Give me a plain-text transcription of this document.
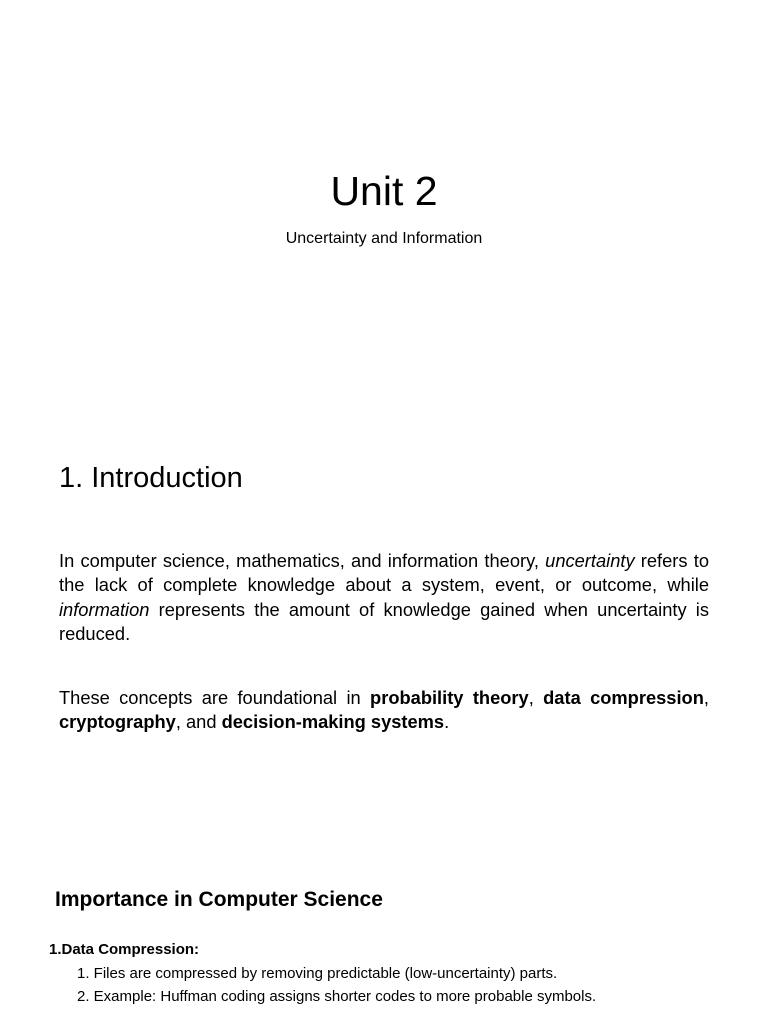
Unit 2

Uncertainty and Information

1. Introduction

In computer science, mathematics, and information theory, uncertainty refers to the lack of complete knowledge about a system, event, or outcome, while information represents the amount of knowledge gained when uncertainty is reduced.

These concepts are foundational in probability theory, data compression, cryptography, and decision-making systems.

Importance in Computer Science

1.Data Compression:

1. Files are compressed by removing predictable (low-uncertainty) parts.
2. Example: Huffman coding assigns shorter codes to more probable symbols.
